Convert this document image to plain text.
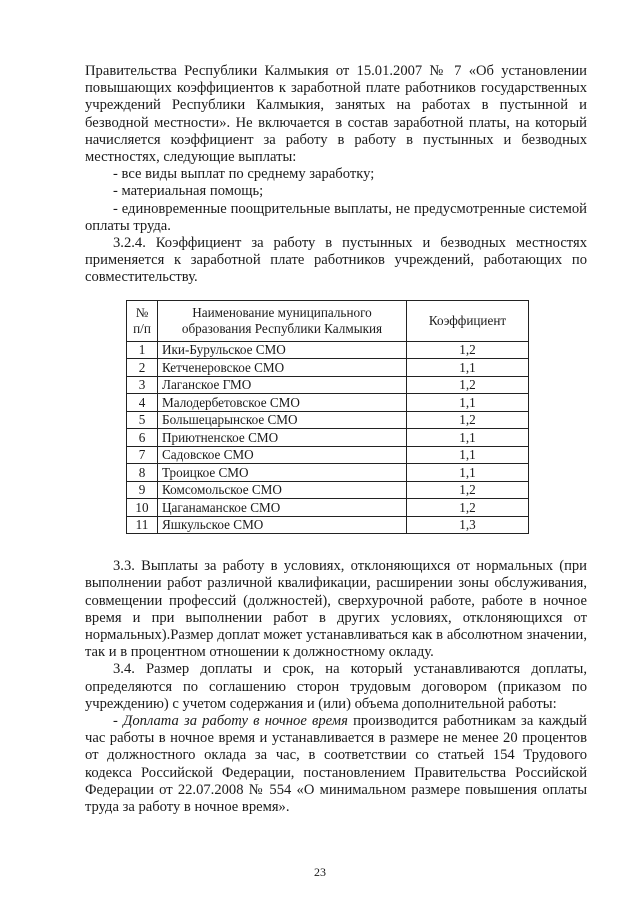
Правительства Республики Калмыкия от 15.01.2007 № 7 «Об установлении повышающих коэффициентов к заработной плате работников государственных учреждений Республики Калмыкия, занятых на работах в пустынной и безводной местности». Не включается в состав заработной платы, на который начисляется коэффициент за работу в работу в пустынных и безводных местностях, следующие выплаты:

- все виды выплат по среднему заработку;

- материальная помощь;

- единовременные поощрительные выплаты, не предусмотренные системой оплаты труда.

3.2.4. Коэффициент за работу в пустынных и безводных местностях применяется к заработной плате работников учреждений, работающих по совместительству.

№ п/п	Наименование муниципального образования Республики Калмыкия	Коэффициент
1	Ики-Бурульское СМО	1,2
2	Кетченеровское СМО	1,1
3	Лаганское ГМО	1,2
4	Малодербетовское СМО	1,1
5	Большецарынское СМО	1,2
6	Приютненское СМО	1,1
7	Садовское СМО	1,1
8	Троицкое СМО	1,1
9	Комсомольское СМО	1,2
10	Цаганаманское СМО	1,2
11	Яшкульское СМО	1,3

3.3. Выплаты за работу в условиях, отклоняющихся от нормальных (при выполнении работ различной квалификации, расширении зоны обслуживания, совмещении профессий (должностей), сверхурочной работе, работе в ночное время и при выполнении работ в других условиях, отклоняющихся от нормальных).Размер доплат может устанавливаться как в абсолютном значении, так и в процентном отношении к должностному окладу.

3.4. Размер доплаты и срок, на который устанавливаются доплаты, определяются по соглашению сторон трудовым договором (приказом по учреждению) с учетом содержания и (или) объема дополнительной работы:

- Доплата за работу в ночное время производится работникам за каждый час работы в ночное время и устанавливается в размере не менее 20 процентов от должностного оклада за час, в соответствии со статьей 154 Трудового кодекса Российской Федерации, постановлением Правительства Российской Федерации от 22.07.2008 № 554 «О минимальном размере повышения оплаты труда за работу в ночное время».

23
